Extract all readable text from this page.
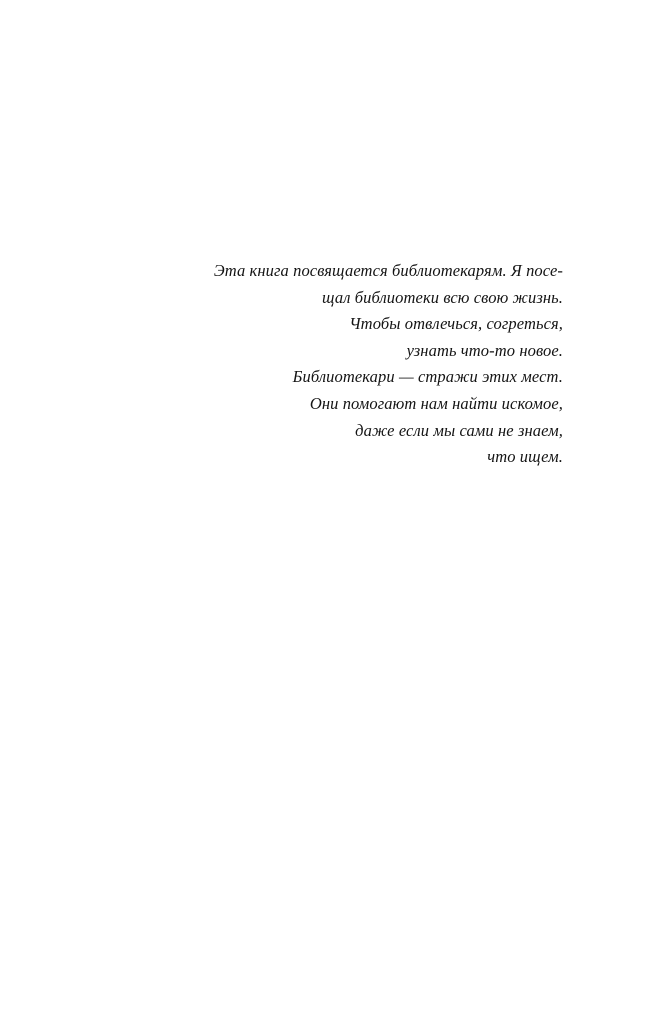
Эта книга посвящается библиотекарям. Я посе-
щал библиотеки всю свою жизнь.
Чтобы отвлечься, согреться,
узнать что-то новое.
Библиотекари — стражи этих мест.
Они помогают нам найти искомое,
даже если мы сами не знаем,
что ищем.
